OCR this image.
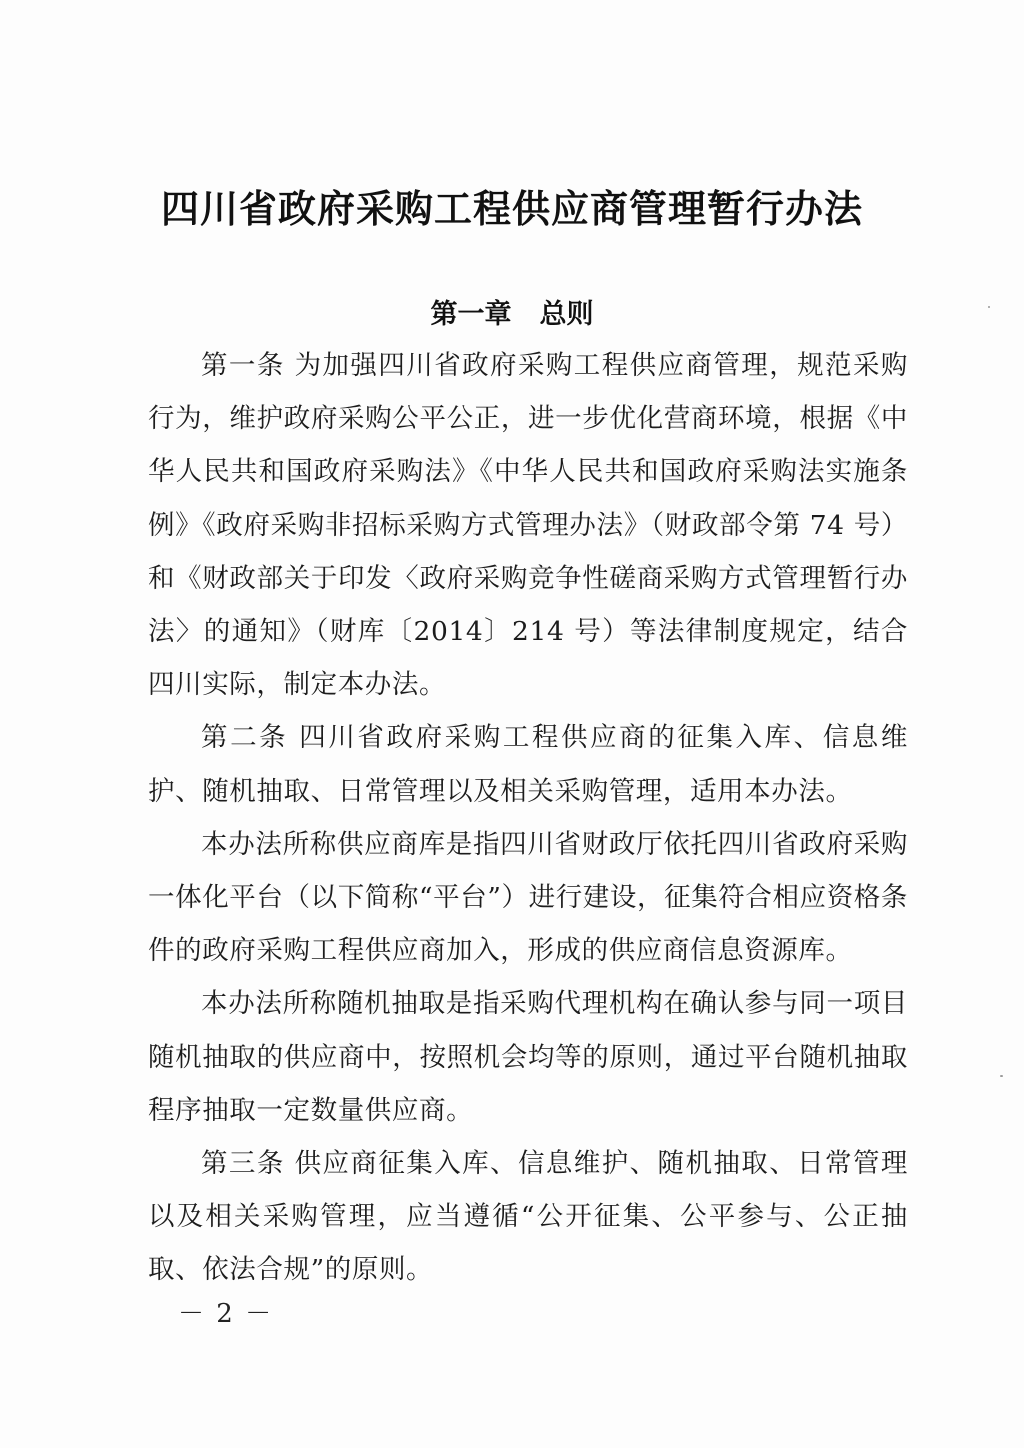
四川省政府采购工程供应商管理暂行办法
第一章 总则

第一条 为加强四川省政府采购工程供应商管理，规范采购行为，维护政府采购公平公正，进一步优化营商环境，根据《中华人民共和国政府采购法》《中华人民共和国政府采购法实施条例》《政府采购非招标采购方式管理办法》（财政部令第 74 号）和《财政部关于印发〈政府采购竞争性磋商采购方式管理暂行办法〉的通知》（财库〔2014〕214 号）等法律制度规定，结合四川实际，制定本办法。

第二条 四川省政府采购工程供应商的征集入库、信息维护、随机抽取、日常管理以及相关采购管理，适用本办法。

本办法所称供应商库是指四川省财政厅依托四川省政府采购一体化平台（以下简称“平台”）进行建设，征集符合相应资格条件的政府采购工程供应商加入，形成的供应商信息资源库。

本办法所称随机抽取是指采购代理机构在确认参与同一项目随机抽取的供应商中，按照机会均等的原则，通过平台随机抽取程序抽取一定数量供应商。

第三条 供应商征集入库、信息维护、随机抽取、日常管理以及相关采购管理，应当遵循“公开征集、公平参与、公正抽取、依法合规”的原则。

－ 2 －
